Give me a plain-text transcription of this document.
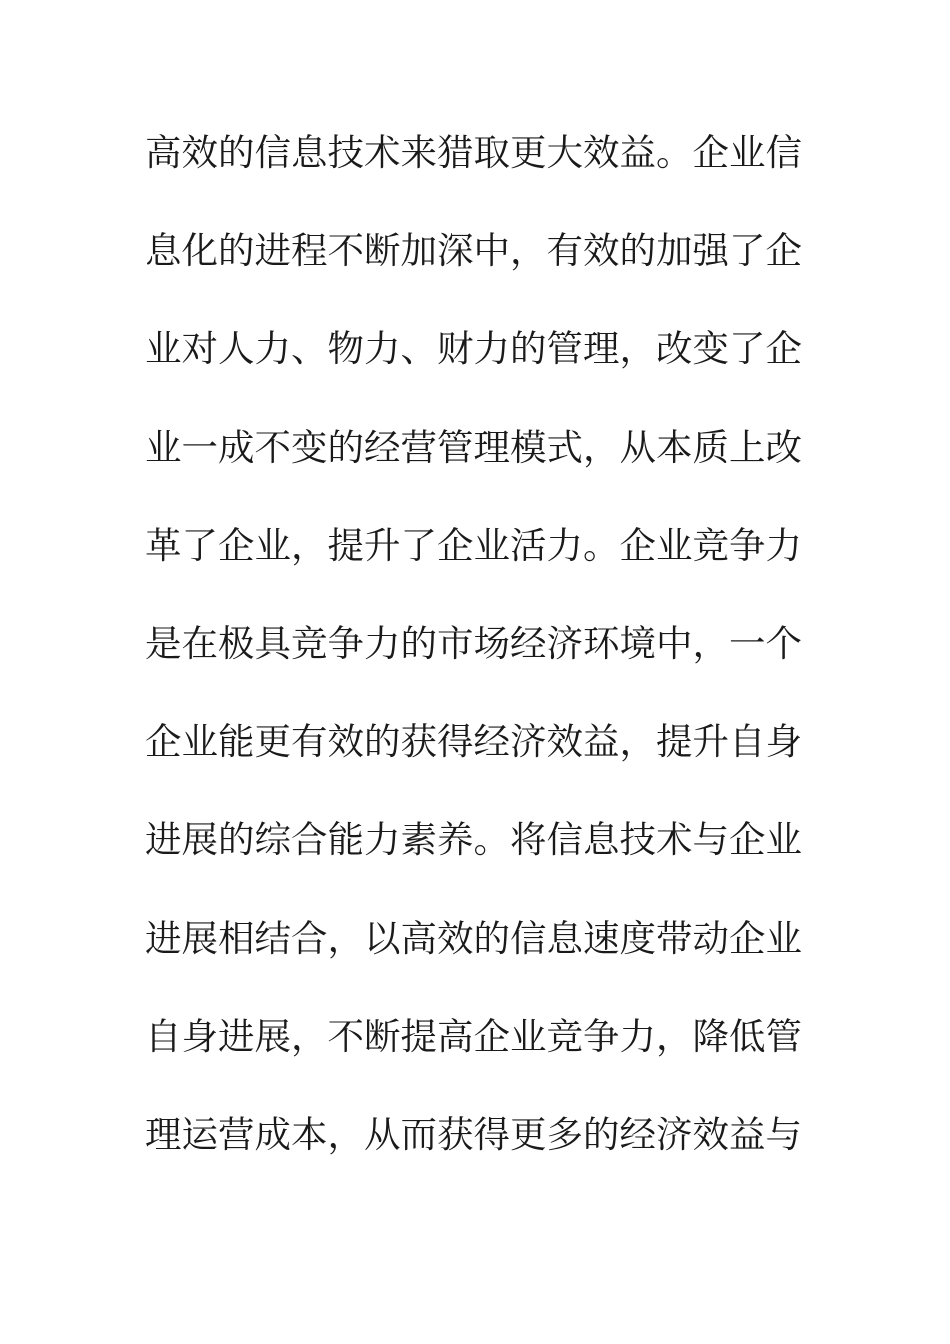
高效的信息技术来猎取更大效益。企业信
息化的进程不断加深中，有效的加强了企
业对人力、物力、财力的管理，改变了企
业一成不变的经营管理模式，从本质上改
革了企业，提升了企业活力。企业竞争力
是在极具竞争力的市场经济环境中，一个
企业能更有效的获得经济效益，提升自身
进展的综合能力素养。将信息技术与企业
进展相结合，以高效的信息速度带动企业
自身进展，不断提高企业竞争力，降低管
理运营成本，从而获得更多的经济效益与
